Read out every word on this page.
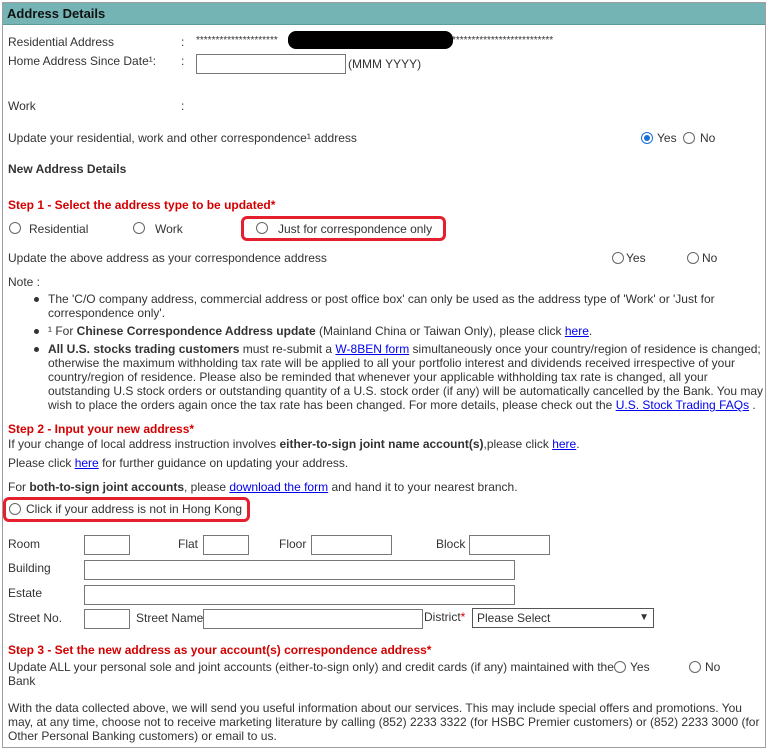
Address Details
Residential Address	: *********************	**************************
Home Address Since Date¹: :	(MMM YYYY)
Work	:
Update your residential, work and other correspondence¹ address	Yes No
New Address Details
Step 1 - Select the address type to be updated*
Residential	Work	Just for correspondence only
Update the above address as your correspondence address	Yes	No
Note :
The 'C/O company address, commercial address or post office box' can only be used as the address type of 'Work' or 'Just for correspondence only'.
¹ For Chinese Correspondence Address update (Mainland China or Taiwan Only), please click here.
All U.S. stocks trading customers must re-submit a W-8BEN form simultaneously once your country/region of residence is changed; otherwise the maximum withholding tax rate will be applied to all your portfolio interest and dividends received irrespective of your country/region of residence. Please also be reminded that whenever your applicable withholding tax rate is changed, all your outstanding U.S stock orders or outstanding quantity of a U.S. stock order (if any) will be automatically cancelled by the Bank. You may wish to place the orders again once the tax rate has been changed. For more details, please check out the U.S. Stock Trading FAQs .
Step 2 - Input your new address*
If your change of local address instruction involves either-to-sign joint name account(s),please click here.
Please click here for further guidance on updating your address.
For both-to-sign joint accounts, please download the form and hand it to your nearest branch.
Click if your address is not in Hong Kong
Room	Flat	Floor	Block
Building
Estate
Street No.	Street Name	District* Please Select	▼
Step 3 - Set the new address as your account(s) correspondence address*
Update ALL your personal sole and joint accounts (either-to-sign only) and credit cards (if any) maintained with the
Bank
Yes	No
With the data collected above, we will send you useful information about our services. This may include special offers and promotions. You may, at any time, choose not to receive marketing literature by calling (852) 2233 3322 (for HSBC Premier customers) or (852) 2233 3000 (for Other Personal Banking customers) or email to us.
